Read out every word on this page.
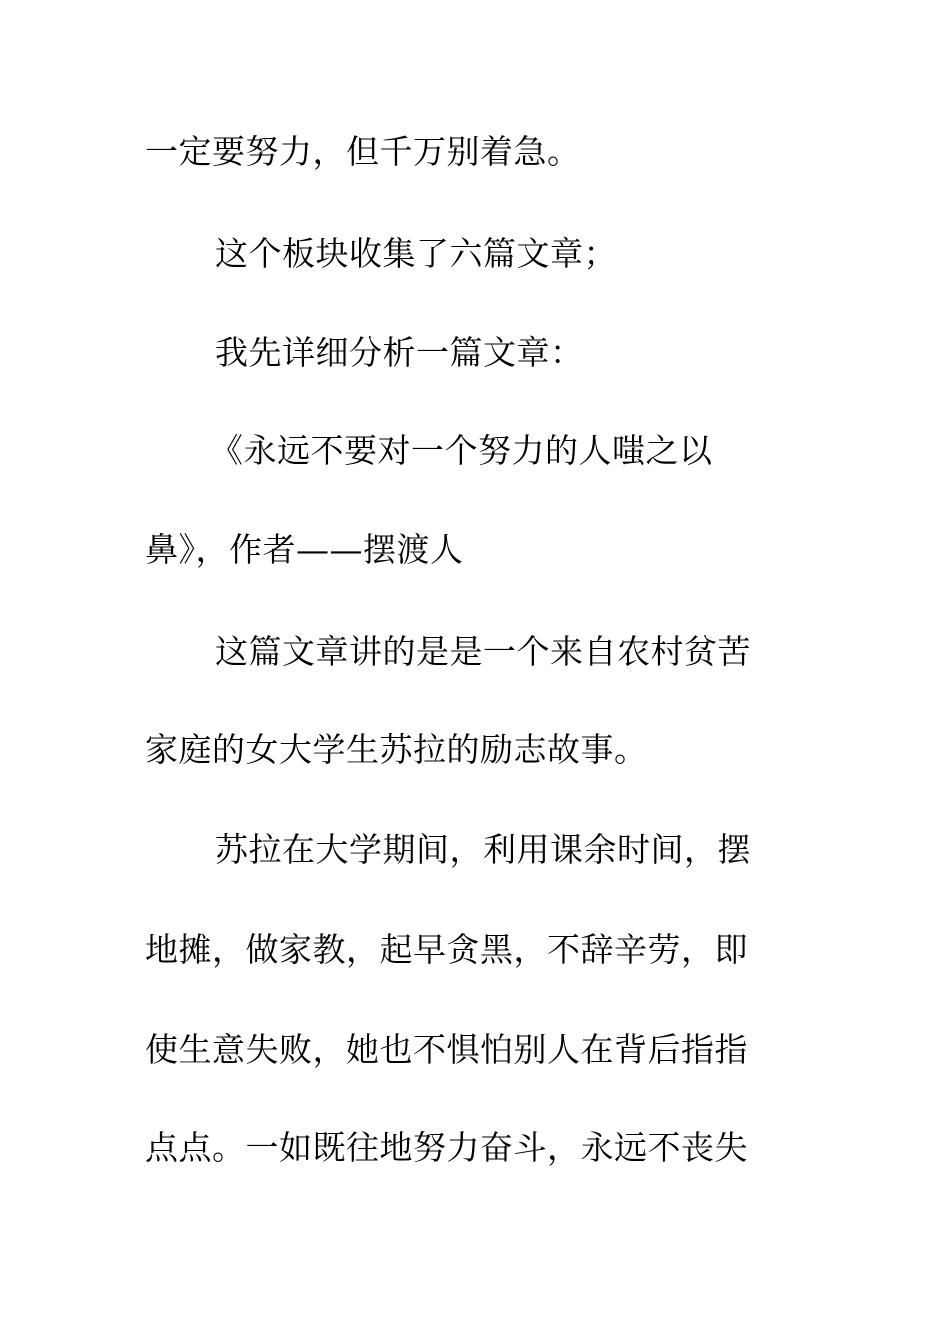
一定要努力，但千万别着急。
这个板块收集了六篇文章；
我先详细分析一篇文章：
《永远不要对一个努力的人嗤之以
鼻》，作者——摆渡人
这篇文章讲的是是一个来自农村贫苦
家庭的女大学生苏拉的励志故事。
苏拉在大学期间，利用课余时间，摆
地摊，做家教，起早贪黑，不辞辛劳，即
使生意失败，她也不惧怕别人在背后指指
点点。一如既往地努力奋斗，永远不丧失
